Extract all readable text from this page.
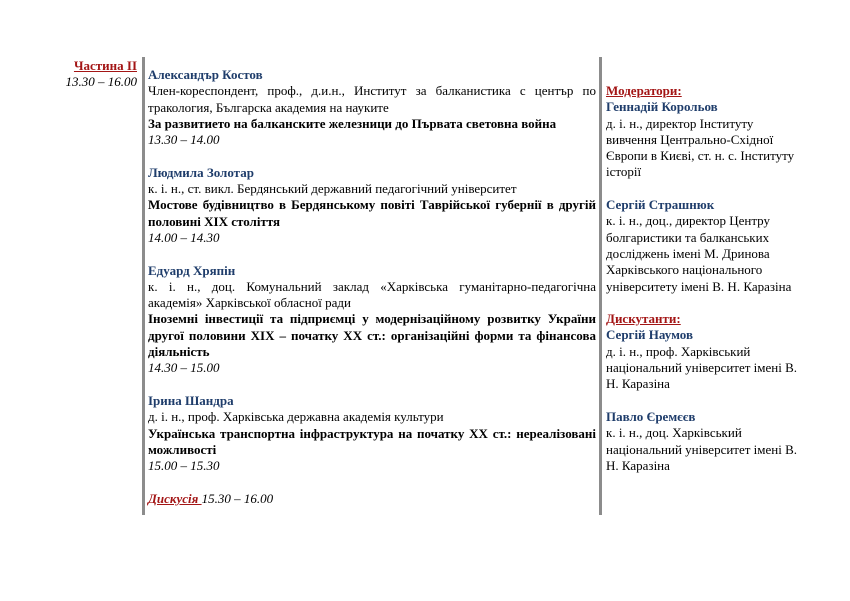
Частина ІІ
13.30 – 16.00 Александър Костов
Член-кореспондент, проф., д.и.н., Институт за балканистика с център по тракология, Българска академия на науките
За развитието на балканските железници до Първата световна война
13.30 – 14.00
Людмила Золотар
к. і. н., ст. викл. Бердянський державний педагогічний університет
Мостове будівництво в Бердянському повіті Таврійської губернії в другій половині ХІХ століття
14.00 – 14.30
Едуард Хряпін
к. і. н., доц. Комунальний заклад «Харківська гуманітарно-педагогічна академія» Харківської обласної ради
Іноземні інвестиції та підприємці у модернізаційному розвитку України другої половини XIX – початку XX ст.: організаційні форми та фінансова діяльність
14.30 – 15.00
Ірина Шандра
д. і. н., проф. Харківська державна академія культури
Українська транспортна інфраструктура на початку ХХ ст.: нереалізовані можливості
15.00 – 15.30
Дискусія 15.30 – 16.00
Модератори:
Геннадій Корольов
д. і. н., директор Інституту вивчення Центрально-Східної Європи в Києві, ст. н. с. Інституту історії
Сергій Страшнюк
к. і. н., доц., директор Центру болгаристики та балканських досліджень імені М. Дринова Харківського національного університету імені В. Н. Каразіна
Дискутанти:
Сергій Наумов
д. і. н., проф. Харківський національний університет імені В. Н. Каразіна
Павло Єремєєв
к. і. н., доц. Харківський національний університет імені В. Н. Каразіна
